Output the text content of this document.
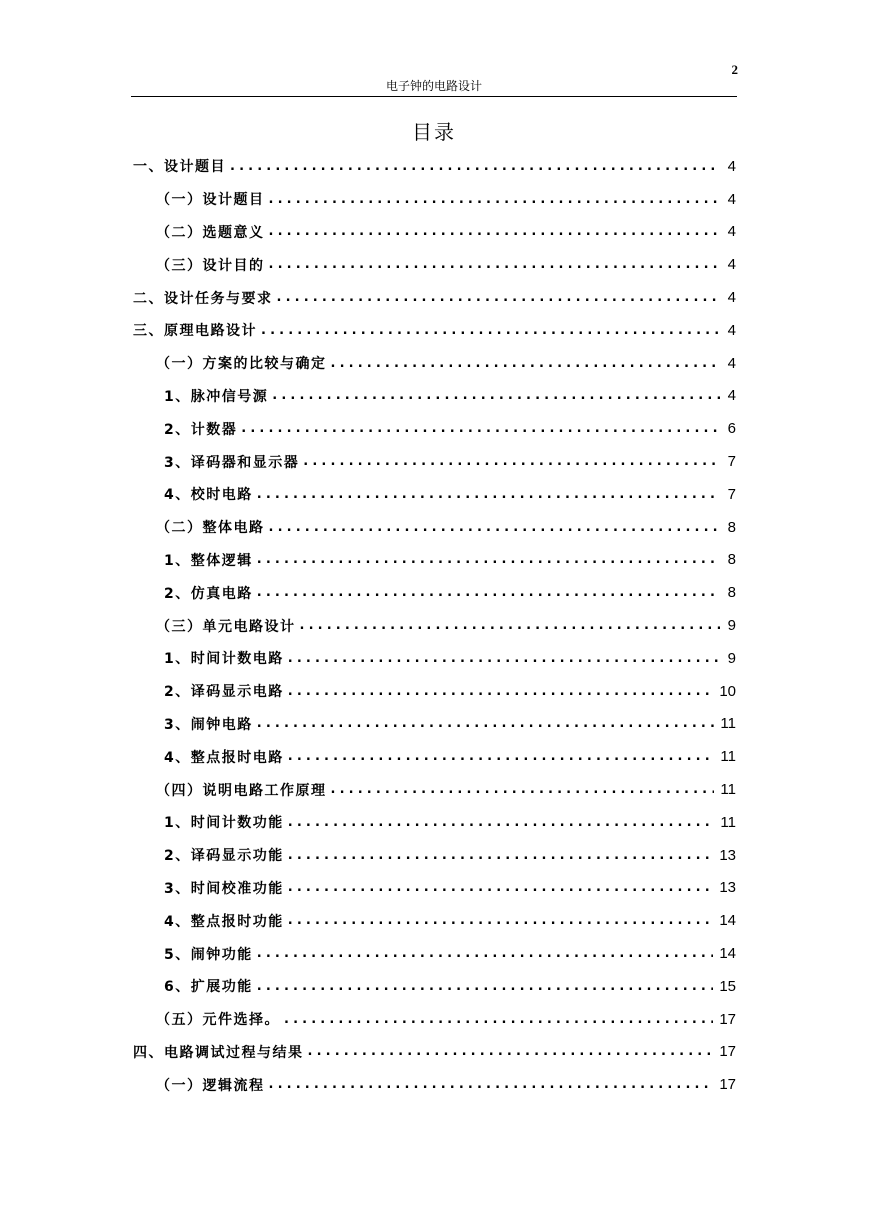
2
电子钟的电路设计
目录
一、设计题目 . . .	4
（一）设计题目 . . .	4
（二）选题意义 . . .	4
（三）设计目的 . . .	4
二、设计任务与要求 . . .	4
三、原理电路设计 . . .	4
（一）方案的比较与确定 . . .	4
1、脉冲信号源 . . .	4
2、计数器 . . .	6
3、译码器和显示器 . . .	7
4、校时电路 . . .	7
（二）整体电路 . . .	8
1、整体逻辑 . . .	8
2、仿真电路 . . .	8
（三）单元电路设计 . . .	9
1、时间计数电路 . . .	9
2、译码显示电路 . . .	10
3、闹钟电路 . . .	11
4、整点报时电路 . . .	11
（四）说明电路工作原理 . . .	11
1、时间计数功能 . . .	11
2、译码显示功能 . . .	13
3、时间校准功能 . . .	13
4、整点报时功能 . . .	14
5、闹钟功能 . . .	14
6、扩展功能 . . .	15
（五）元件选择。 . . .	17
四、电路调试过程与结果 . . .	17
（一）逻辑流程 . . .	17
